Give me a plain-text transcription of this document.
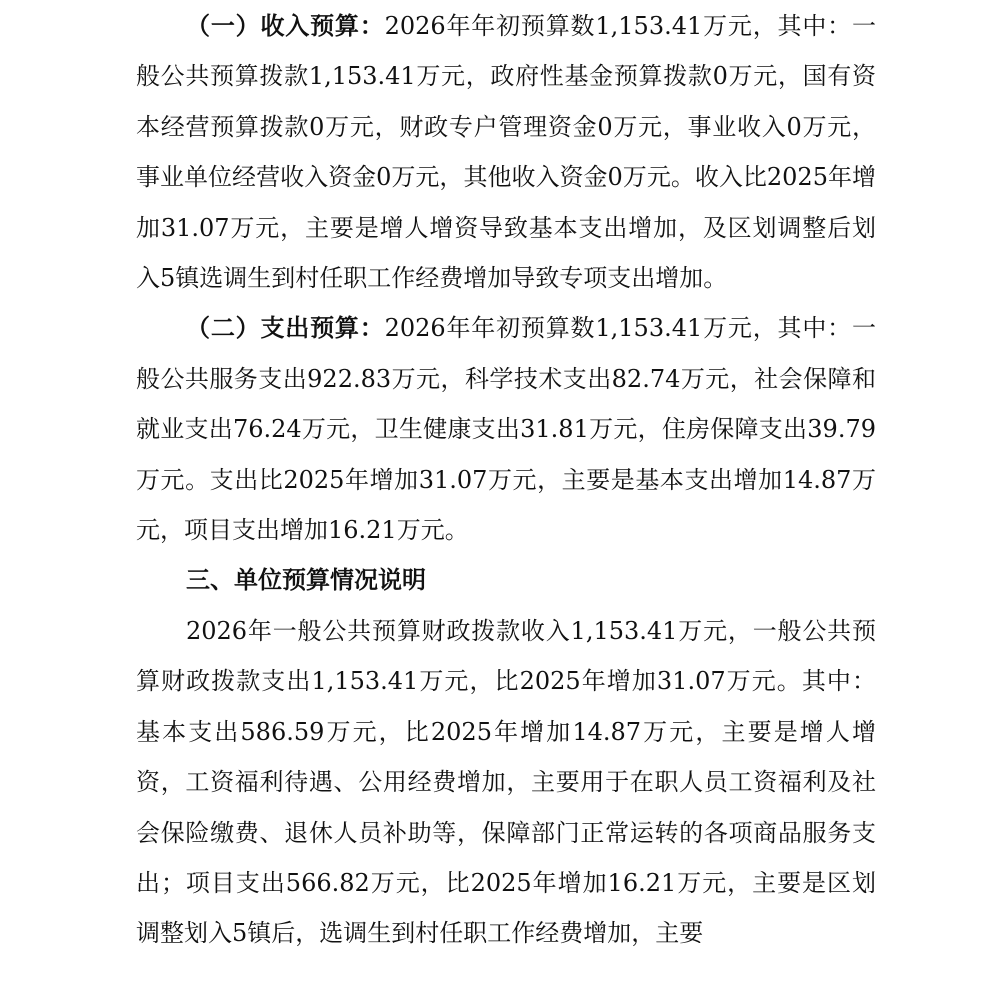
（一）收入预算：2026年年初预算数1,153.41万元，其中：一般公共预算拨款1,153.41万元，政府性基金预算拨款0万元，国有资本经营预算拨款0万元，财政专户管理资金0万元，事业收入0万元，事业单位经营收入资金0万元，其他收入资金0万元。收入比2025年增加31.07万元，主要是增人增资导致基本支出增加，及区划调整后划入5镇选调生到村任职工作经费增加导致专项支出增加。

（二）支出预算：2026年年初预算数1,153.41万元，其中：一般公共服务支出922.83万元，科学技术支出82.74万元，社会保障和就业支出76.24万元，卫生健康支出31.81万元，住房保障支出39.79万元。支出比2025年增加31.07万元，主要是基本支出增加14.87万元，项目支出增加16.21万元。

三、单位预算情况说明

2026年一般公共预算财政拨款收入1,153.41万元，一般公共预算财政拨款支出1,153.41万元，比2025年增加31.07万元。其中：基本支出586.59万元，比2025年增加14.87万元，主要是增人增资，工资福利待遇、公用经费增加，主要用于在职人员工资福利及社会保险缴费、退休人员补助等，保障部门正常运转的各项商品服务支出；项目支出566.82万元，比2025年增加16.21万元，主要是区划调整划入5镇后，选调生到村任职工作经费增加，主要
